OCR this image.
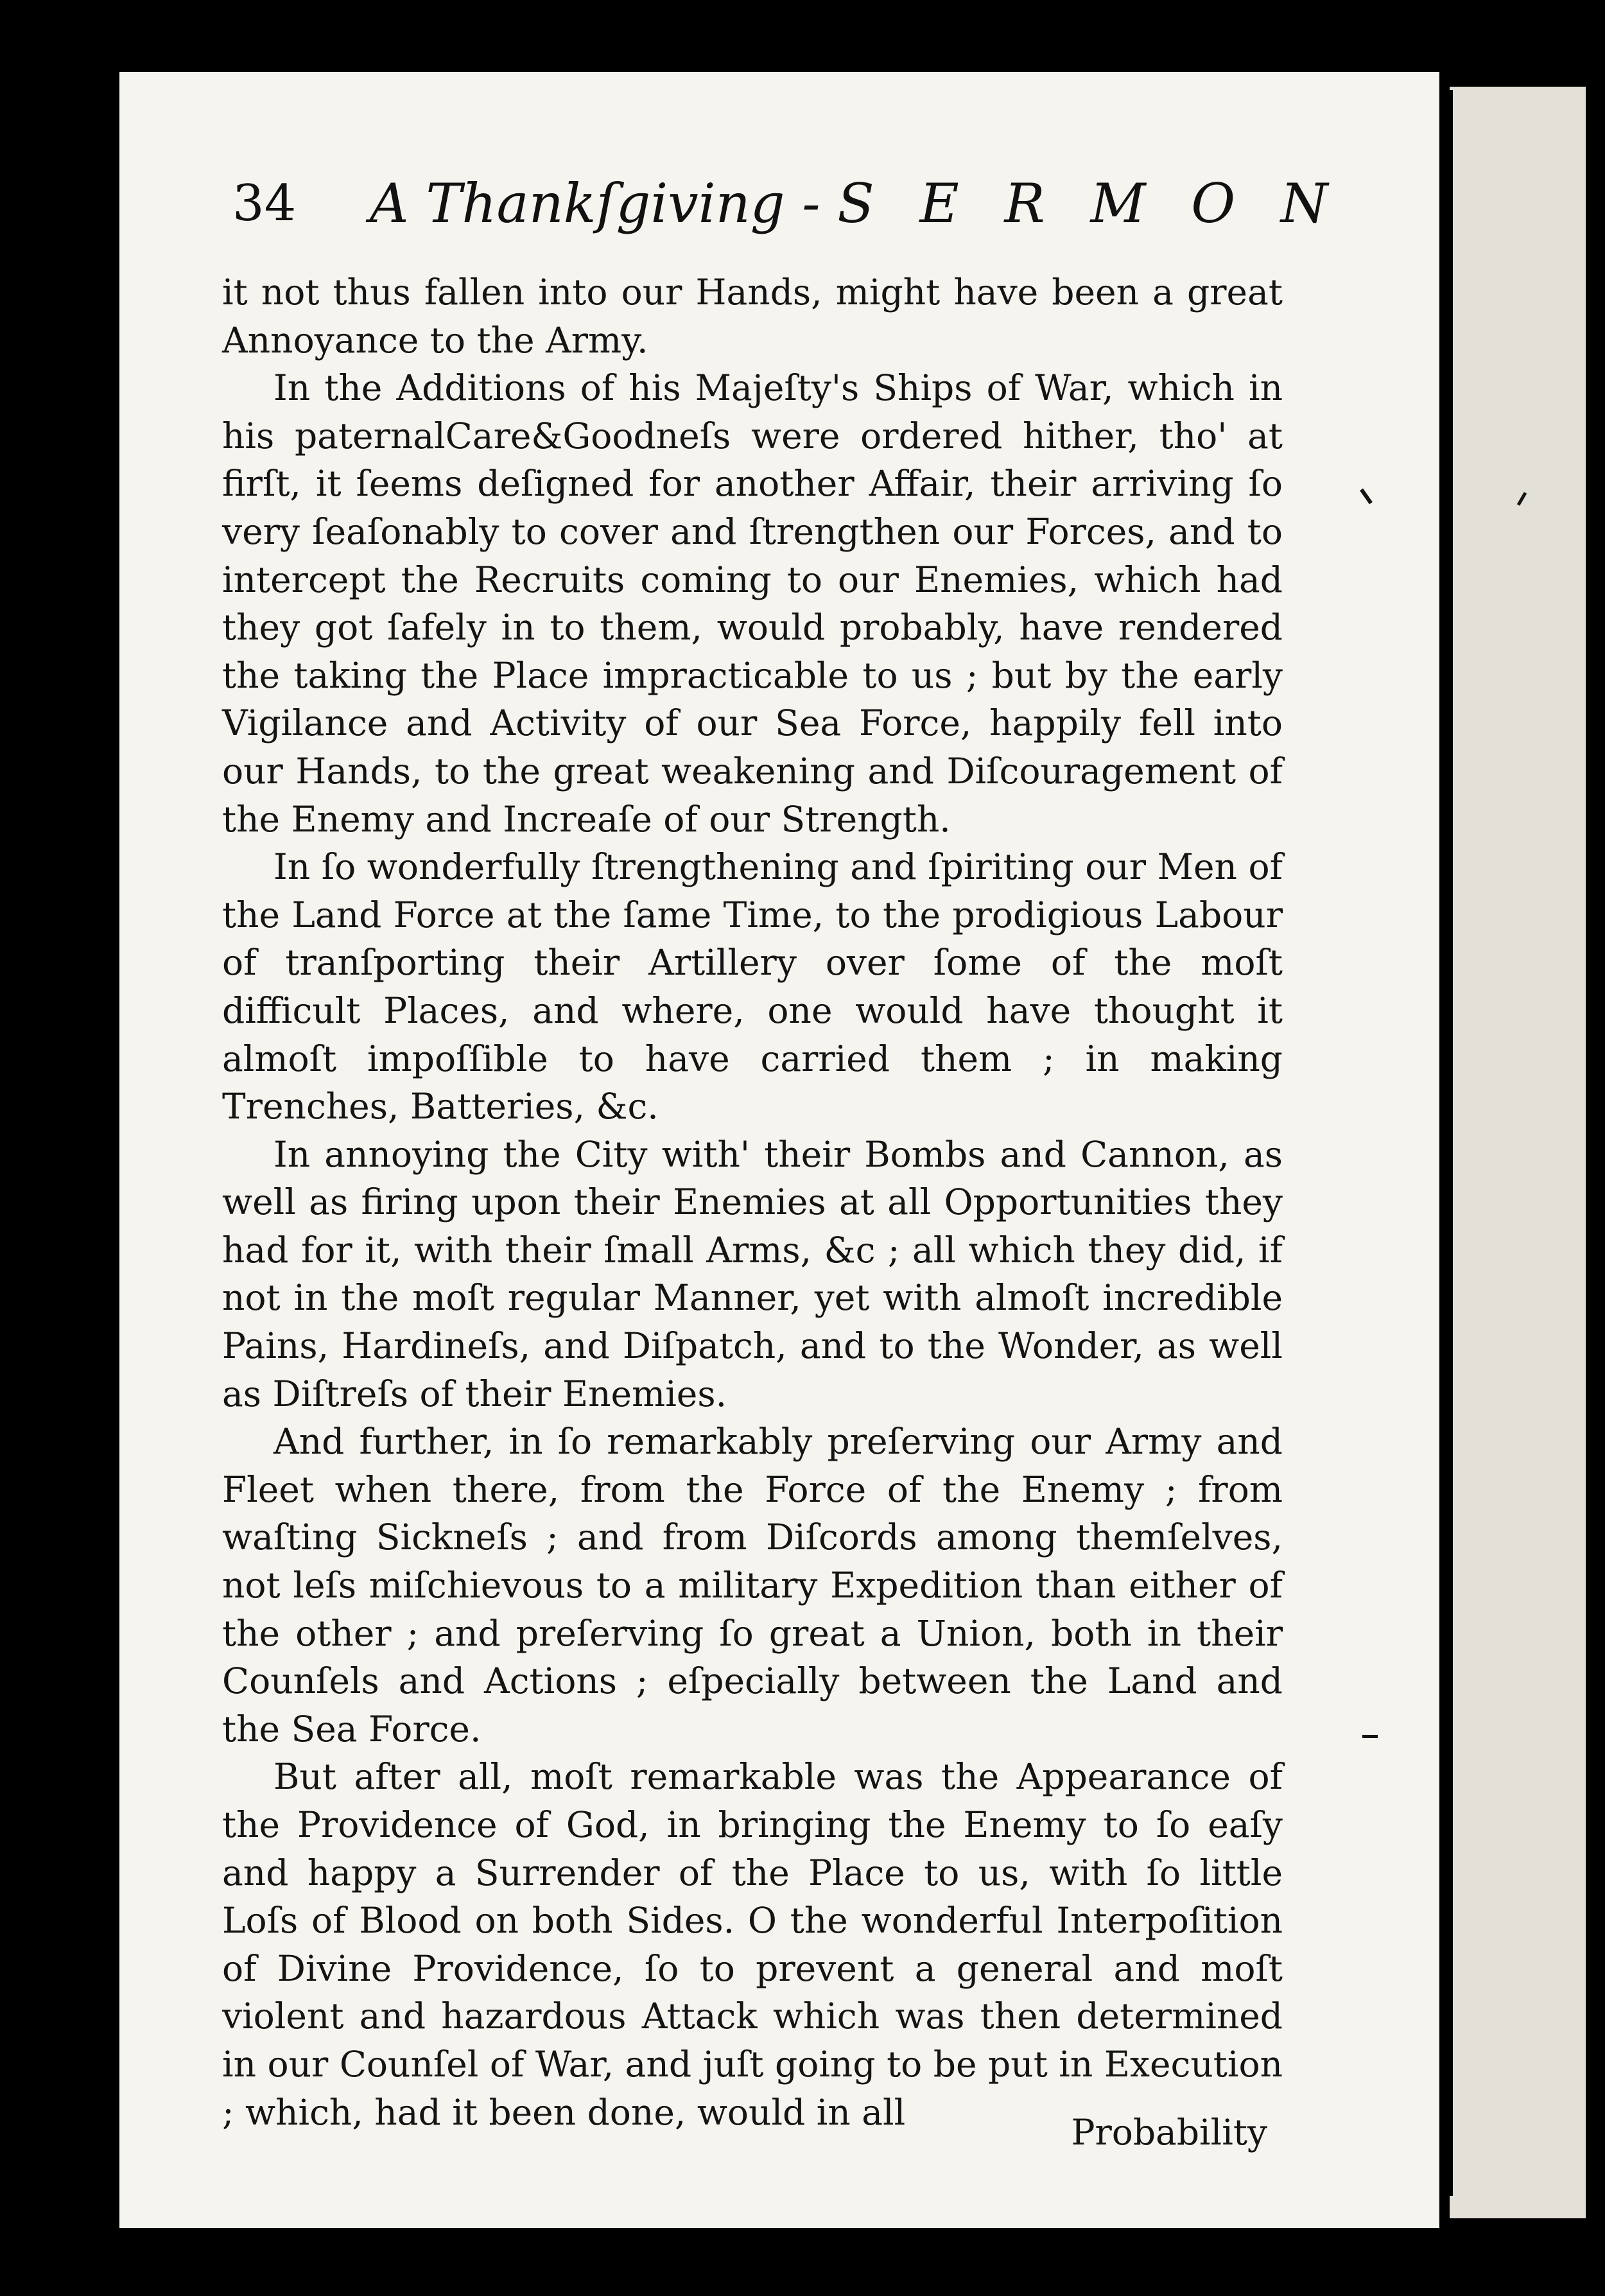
34 A Thankſgiving - S E R M O N

it not thus fallen into our Hands, might have been a great Annoyance to the Army.

In the Additions of his Majeſty's Ships of War, which in his paternalCare&Goodneſs were ordered hither, tho' at firſt, it ſeems deſigned for another Affair, their arriving ſo very ſeaſonably to cover and ſtrengthen our Forces, and to intercept the Recruits coming to our Enemies, which had they got ſafely in to them, would probably, have rendered the taking the Place impracticable to us ; but by the early Vigilance and Activity of our Sea Force, happily fell into our Hands, to the great weakening and Diſcouragement of the Enemy and Increaſe of our Strength.

In ſo wonderfully ſtrengthening and ſpiriting our Men of the Land Force at the ſame Time, to the prodigious Labour of tranſporting their Artillery over ſome of the moſt difficult Places, and where, one would have thought it almoſt impoſſible to have carried them ; in making Trenches, Batteries, &c.

In annoying the City with' their Bombs and Cannon, as well as firing upon their Enemies at all Opportunities they had for it, with their ſmall Arms, &c ; all which they did, if not in the moſt regular Manner, yet with almoſt incredible Pains, Hardineſs, and Diſpatch, and to the Wonder, as well as Diſtreſs of their Enemies.

And further, in ſo remarkably preſerving our Army and Fleet when there, from the Force of the Enemy ; from waſting Sickneſs ; and from Diſcords among themſelves, not leſs miſchievous to a military Expedition than either of the other ; and preſerving ſo great a Union, both in their Counſels and Actions ; eſpecially between the Land and the Sea Force.

But after all, moſt remarkable was the Appearance of the Providence of God, in bringing the Enemy to ſo eaſy and happy a Surrender of the Place to us, with ſo little Loſs of Blood on both Sides. O the wonderful Interpoſition of Divine Providence, ſo to prevent a general and moſt violent and hazardous Attack which was then determined in our Counſel of War, and juſt going to be put in Execution ; which, had it been done, would in all	Probability
